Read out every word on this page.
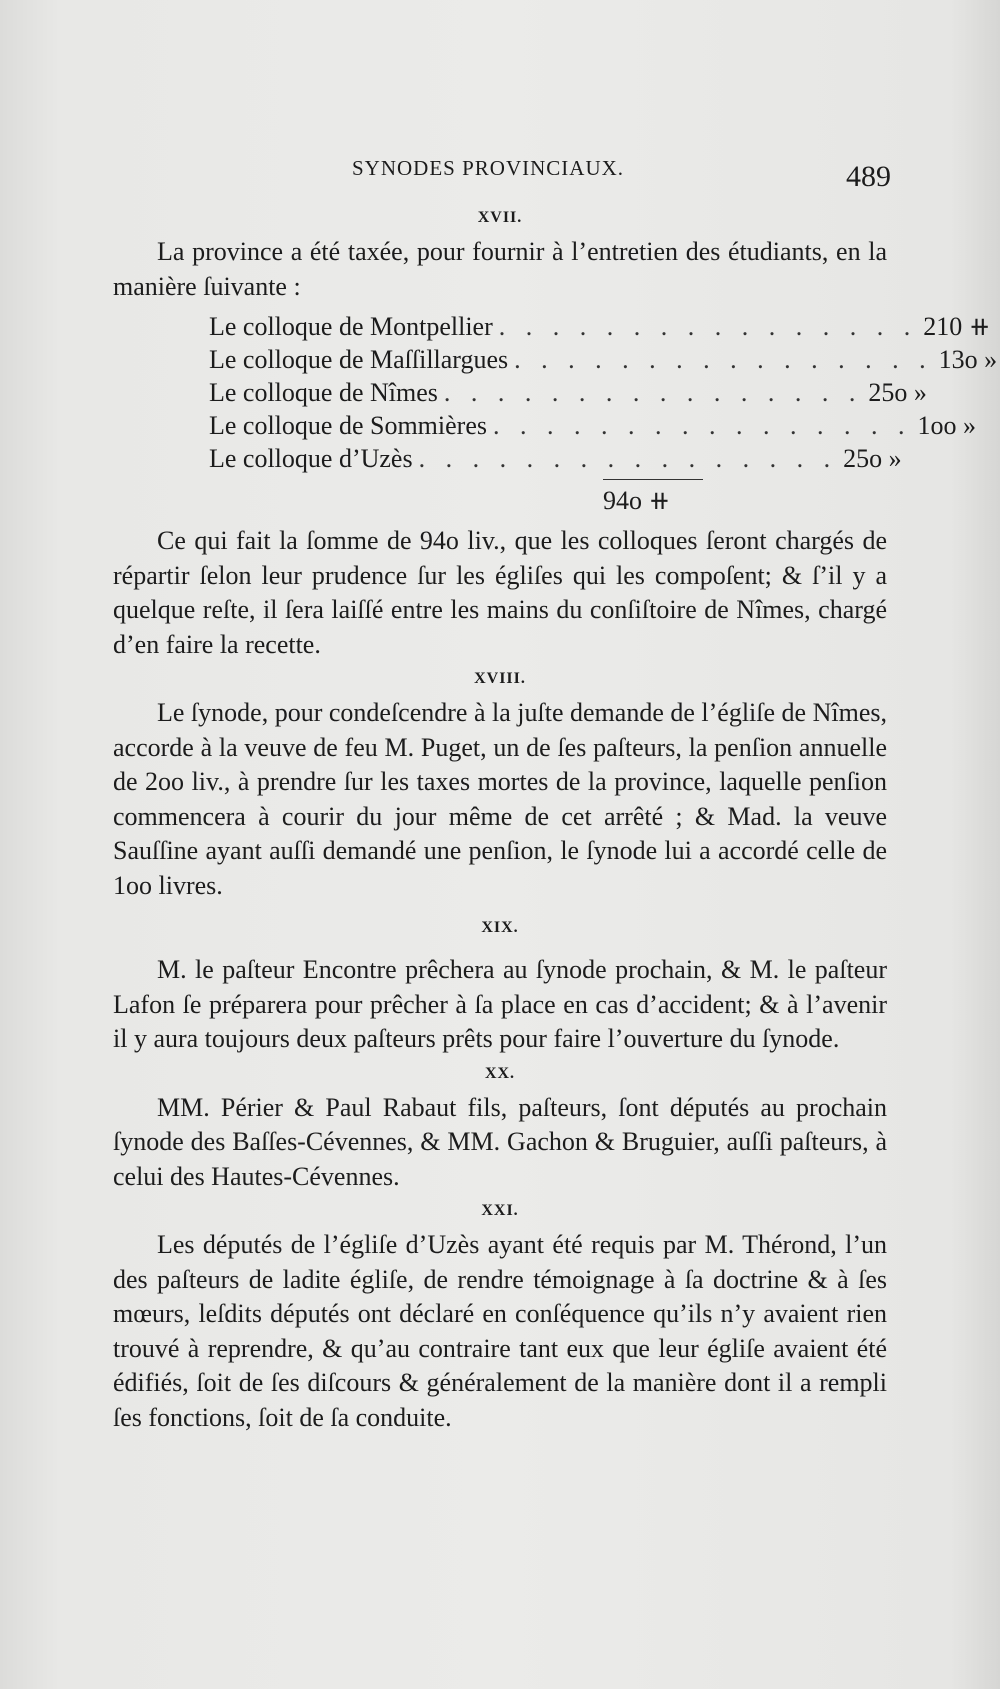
SYNODES PROVINCIAUX.	489
XVII.

La province a été taxée, pour fournir à l’entretien des étudiants, en la manière ſuivante :

Le colloque de Montpellier . . . . . . . . . . . . . . . . 210 ⧺
Le colloque de Maſſillargues . . . . . . . . . . . . . . . . 13o »
Le colloque de Nîmes . . . . . . . . . . . . . . . . 25o »
Le colloque de Sommières . . . . . . . . . . . . . . . . 1oo »
Le colloque d’Uzès . . . . . . . . . . . . . . . . 25o »
94o ⧺

Ce qui fait la ſomme de 94o liv., que les colloques ſeront chargés de répartir ſelon leur prudence ſur les égliſes qui les compoſent; & ſ’il y a quelque reſte, il ſera laiſſé entre les mains du conſiſtoire de Nîmes, chargé d’en faire la recette.

XVIII.

Le ſynode, pour condeſcendre à la juſte demande de l’égliſe de Nîmes, accorde à la veuve de feu M. Puget, un de ſes paſteurs, la penſion annuelle de 2oo liv., à prendre ſur les taxes mortes de la province, laquelle penſion commencera à courir du jour même de cet arrêté ; & Mad. la veuve Sauſſine ayant auſſi demandé une penſion, le ſynode lui a accordé celle de 1oo livres.

XIX.

M. le paſteur Encontre prêchera au ſynode prochain, & M. le paſteur Lafon ſe préparera pour prêcher à ſa place en cas d’accident; & à l’avenir il y aura toujours deux paſteurs prêts pour faire l’ouverture du ſynode.

XX.

MM. Périer & Paul Rabaut fils, paſteurs, ſont députés au prochain ſynode des Baſſes-Cévennes, & MM. Gachon & Bruguier, auſſi paſteurs, à celui des Hautes-Cévennes.

XXI.

Les députés de l’égliſe d’Uzès ayant été requis par M. Thérond, l’un des paſteurs de ladite égliſe, de rendre témoignage à ſa doctrine & à ſes mœurs, leſdits députés ont déclaré en conſéquence qu’ils n’y avaient rien trouvé à reprendre, & qu’au contraire tant eux que leur égliſe avaient été édifiés, ſoit de ſes diſcours & généralement de la manière dont il a rempli ſes fonctions, ſoit de ſa conduite.
